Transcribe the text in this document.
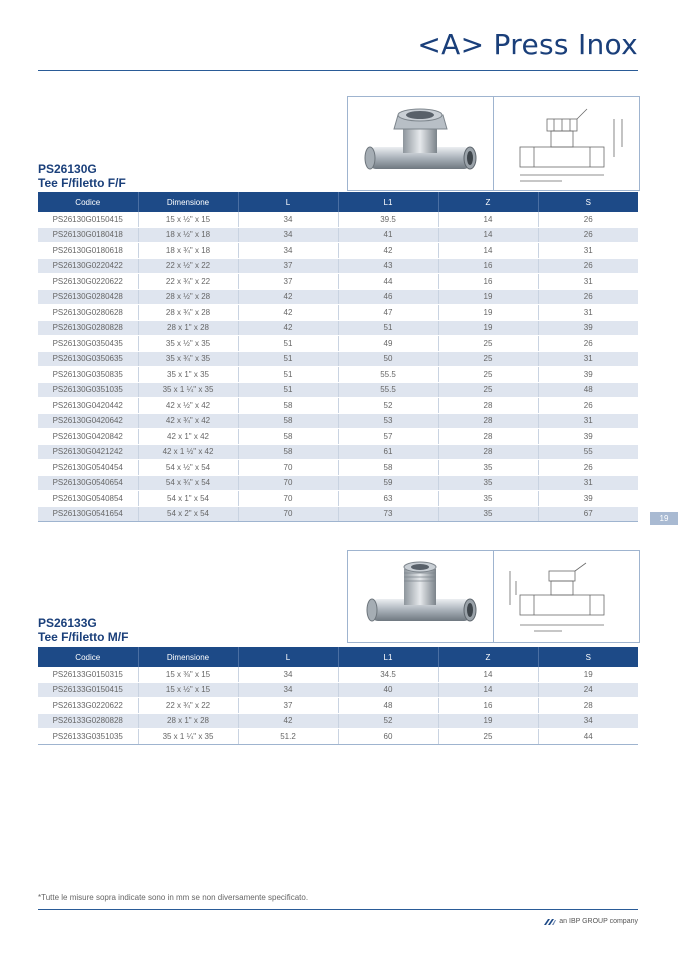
<A> Press Inox
PS26130G
Tee F/filetto F/F
Codice	Dimensione	L	L1	Z	S
PS26130G0150415	15 x ½" x 15	34	39.5	14	26
PS26130G0180418	18 x ½" x 18	34	41	14	26
PS26130G0180618	18 x ¾" x 18	34	42	14	31
PS26130G0220422	22 x ½" x 22	37	43	16	26
PS26130G0220622	22 x ¾" x 22	37	44	16	31
PS26130G0280428	28 x ½" x 28	42	46	19	26
PS26130G0280628	28 x ¾" x 28	42	47	19	31
PS26130G0280828	28 x 1" x 28	42	51	19	39
PS26130G0350435	35 x ½" x 35	51	49	25	26
PS26130G0350635	35 x ¾" x 35	51	50	25	31
PS26130G0350835	35 x 1" x 35	51	55.5	25	39
PS26130G0351035	35 x 1 ¼" x 35	51	55.5	25	48
PS26130G0420442	42 x ½" x 42	58	52	28	26
PS26130G0420642	42 x ¾" x 42	58	53	28	31
PS26130G0420842	42 x 1" x 42	58	57	28	39
PS26130G0421242	42 x 1 ½" x 42	58	61	28	55
PS26130G0540454	54 x ½" x 54	70	58	35	26
PS26130G0540654	54 x ¾" x 54	70	59	35	31
PS26130G0540854	54 x 1" x 54	70	63	35	39
PS26130G0541654	54 x 2" x 54	70	73	35	67
19
PS26133G
Tee F/filetto M/F
Codice	Dimensione	L	L1	Z	S
PS26133G0150315	15 x ⅜" x 15	34	34.5	14	19
PS26133G0150415	15 x ½" x 15	34	40	14	24
PS26133G0220622	22 x ¾" x 22	37	48	16	28
PS26133G0280828	28 x 1" x 28	42	52	19	34
PS26133G0351035	35 x 1 ¼" x 35	51.2	60	25	44
*Tutte le misure sopra indicate sono in mm se non diversamente specificato.
an IBP GROUP company
